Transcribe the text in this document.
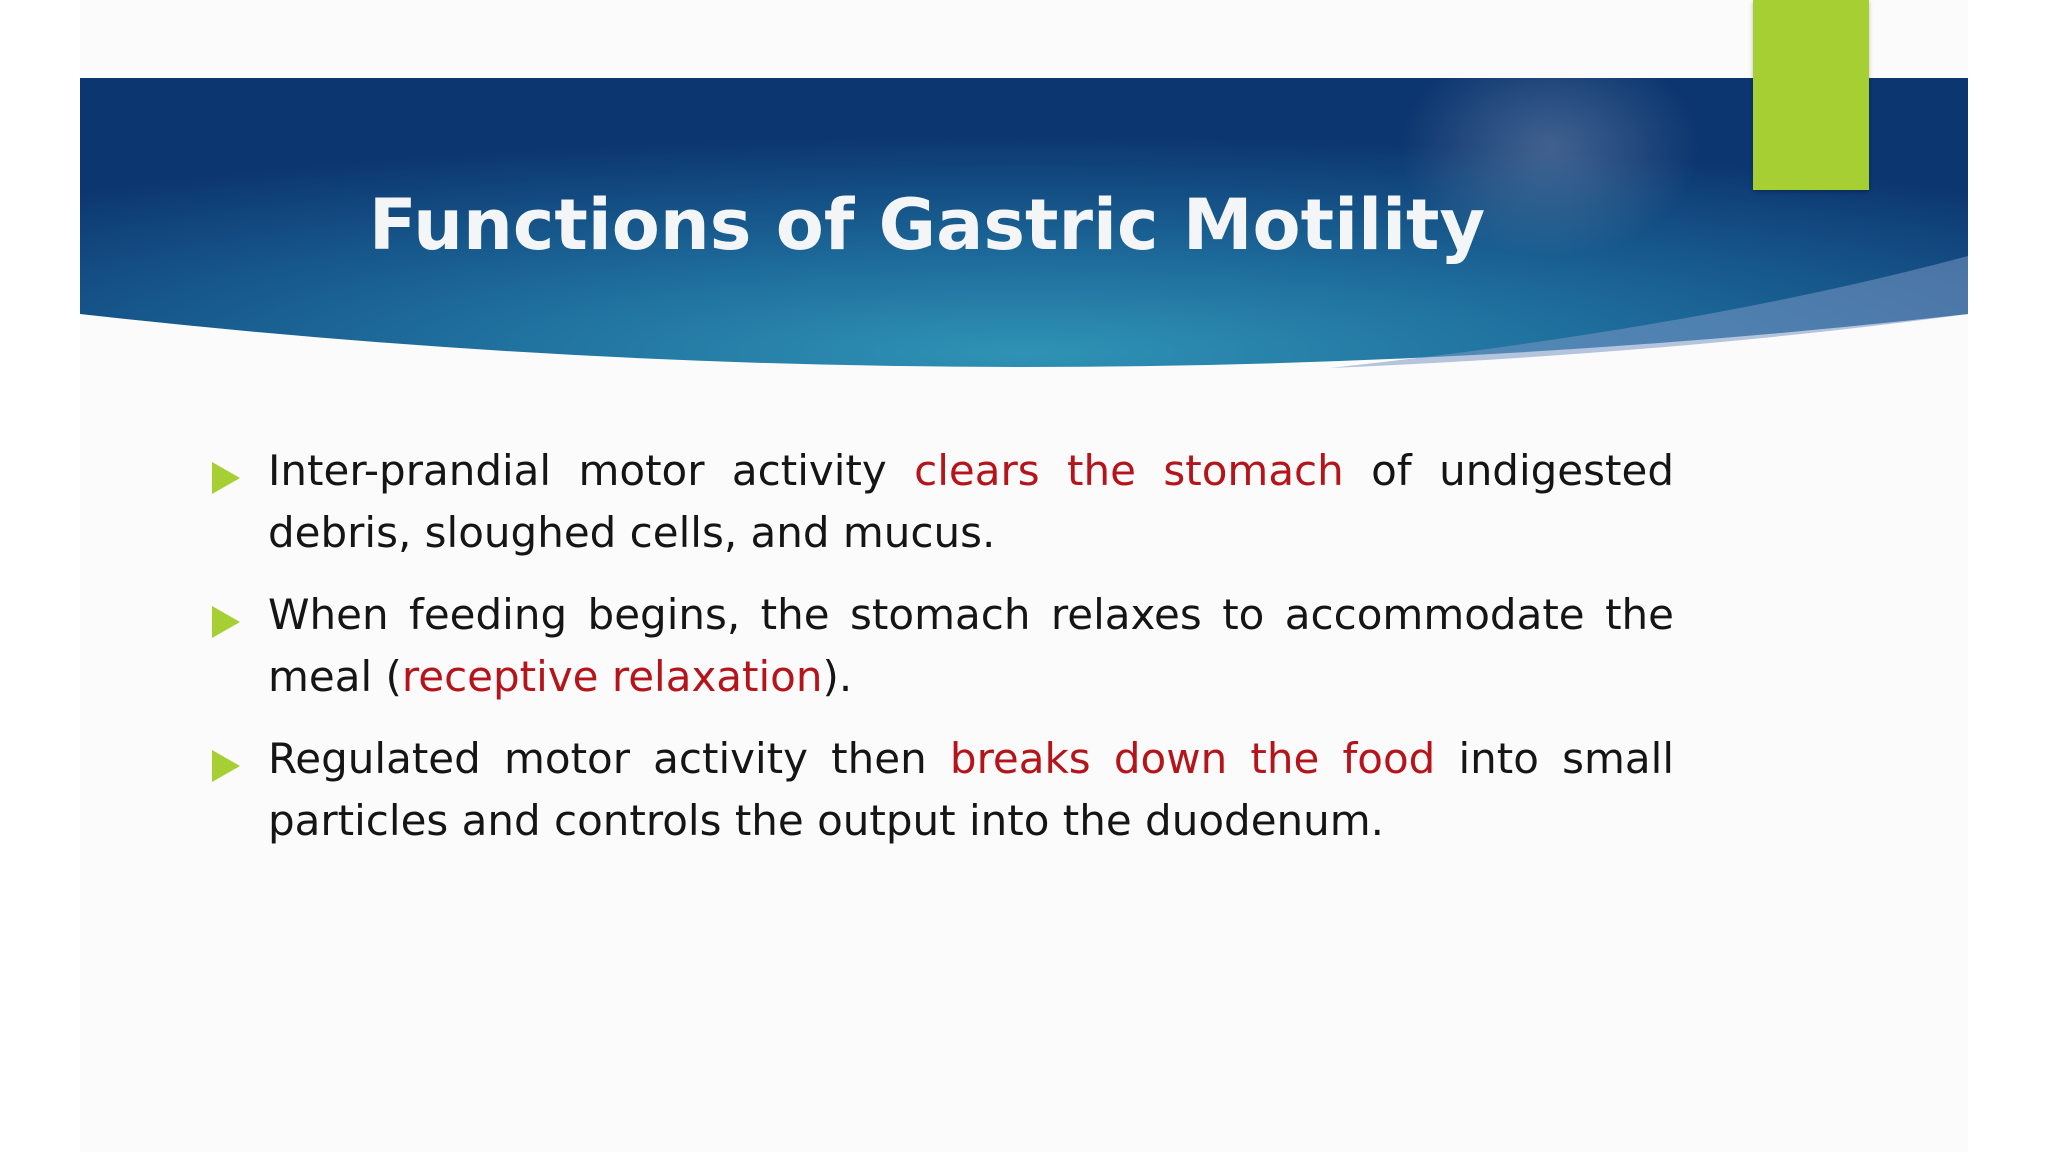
Functions of Gastric Motility
Inter-prandial motor activity clears the stomach of undigested debris, sloughed cells, and mucus.
When feeding begins, the stomach relaxes to accommodate the meal (receptive relaxation).
Regulated motor activity then breaks down the food into small particles and controls the output into the duodenum.
